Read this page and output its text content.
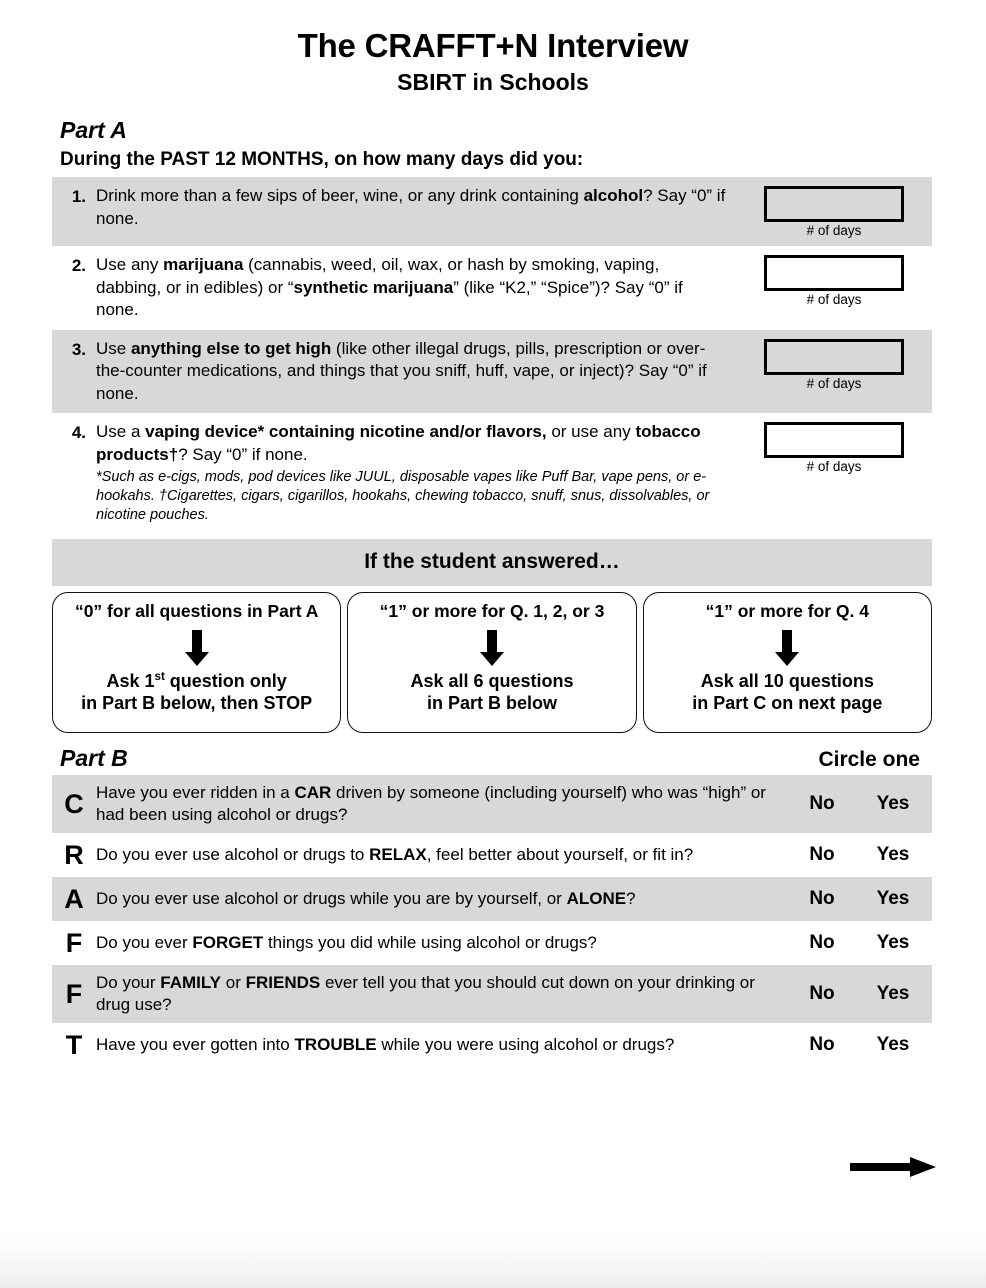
The CRAFFT+N Interview
SBIRT in Schools
Part A
During the PAST 12 MONTHS, on how many days did you:
1. Drink more than a few sips of beer, wine, or any drink containing alcohol? Say “0” if none.
# of days
2. Use any marijuana (cannabis, weed, oil, wax, or hash by smoking, vaping, dabbing, or in edibles) or “synthetic marijuana” (like “K2,” “Spice”)? Say “0” if none.
# of days
3. Use anything else to get high (like other illegal drugs, pills, prescription or over-the-counter medications, and things that you sniff, huff, vape, or inject)? Say “0” if none.
# of days
4. Use a vaping device* containing nicotine and/or flavors, or use any tobacco products†? Say “0” if none.
*Such as e-cigs, mods, pod devices like JUUL, disposable vapes like Puff Bar, vape pens, or e-hookahs. †Cigarettes, cigars, cigarillos, hookahs, chewing tobacco, snuff, snus, dissolvables, or nicotine pouches.
# of days
If the student answered…
“0” for all questions in Part A
Ask 1st question only
in Part B below, then STOP
“1” or more for Q. 1, 2, or 3
Ask all 6 questions
in Part B below
“1” or more for Q. 4
Ask all 10 questions
in Part C on next page
Part B	Circle one
C Have you ever ridden in a CAR driven by someone (including yourself) who was “high” or had been using alcohol or drugs?
No	Yes
R Do you ever use alcohol or drugs to RELAX, feel better about yourself, or fit in?	No	Yes
A Do you ever use alcohol or drugs while you are by yourself, or ALONE?	No	Yes
F Do you ever FORGET things you did while using alcohol or drugs?	No	Yes
F Do your FAMILY or FRIENDS ever tell you that you should cut down on your drinking or drug use?
No	Yes
T Have you ever gotten into TROUBLE while you were using alcohol or drugs?	No	Yes
